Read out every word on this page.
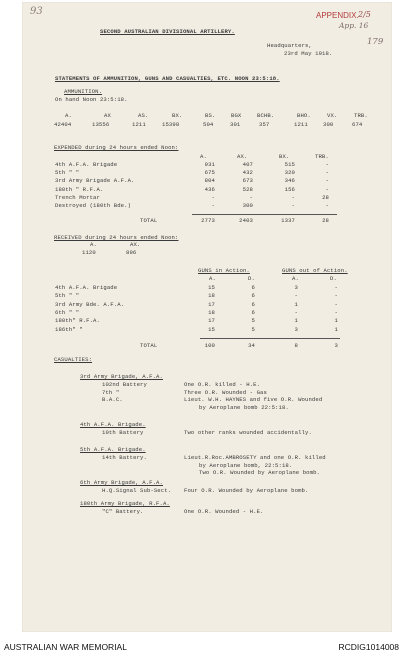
93	APPENDIX. 2/5
App. 16
179
SECOND AUSTRALIAN DIVISIONAL ARTILLERY.
Headquarters,
23rd May 1918.
STATEMENTS OF AMMUNITION, GUNS AND CASUALTIES, ETC. NOON 23:5:18.
AMMUNITION.
On hand Noon 23:5:18.
A.	AX	AS.	BX.	BS.	BGX	BCHB.	BHO.	VX.	TRB.
42404	13556	1211	15398	504	301	357	1211	300	674
EXPENDED during 24 hours ended Noon:
A.	AX.	BX.	TRB.
4th A.F.A. Brigade	931	407	515	-
5th " "	675	432	320	-
3rd Army Brigade A.F.A.	804	673	346	-
180th " R.F.A.	436	528	156	-
Trench Mortar	-	-	-	28
Destroyed (180th Bde.)	-	300	-	-
TOTAL	2773	2403	1337	28
RECEIVED during 24 hours ended Noon:
A.	AX.
1120	896
GUNS in Action.	GUNS out of Action.
A.	D.	A.	D.
4th A.F.A. Brigade	15	6	3	-
5th " "	18	6	-	-
3rd Army Bde. A.F.A.	17	6	1	-
6th " "	18	6	-	-
180th" R.F.A.	17	5	1	1
186th" "	15	5	3	1
TOTAL	100	34	8	3
CASUALTIES:
3rd Army Brigade, A.F.A.
102nd Battery	One O.R. killed - H.E.
7th "	Three O.R. Wounded - Gas
B.A.C.	Lieut. W.H. HAYNES and five O.R. Wounded
by Aeroplane bomb 22:5:18.
4th A.F.A. Brigade.
10th Battery	Two other ranks wounded accidentally.
5th A.F.A. Brigade.
14th Battery.	Lieut.R.Roc.AMBROSETY and one O.R. killed
by Aeroplane bomb, 22:5:18.
Two O.R. Wounded by Aeroplane bomb.
6th Army Brigade, A.F.A.
H.Q.Signal Sub-Sect. Four O.R. Wounded by Aeroplane bomb.
180th Army Brigade, R.F.A.
"C" Battery.	One O.R. Wounded - H.E.
AUSTRALIAN WAR MEMORIAL	RCDIG1014008
